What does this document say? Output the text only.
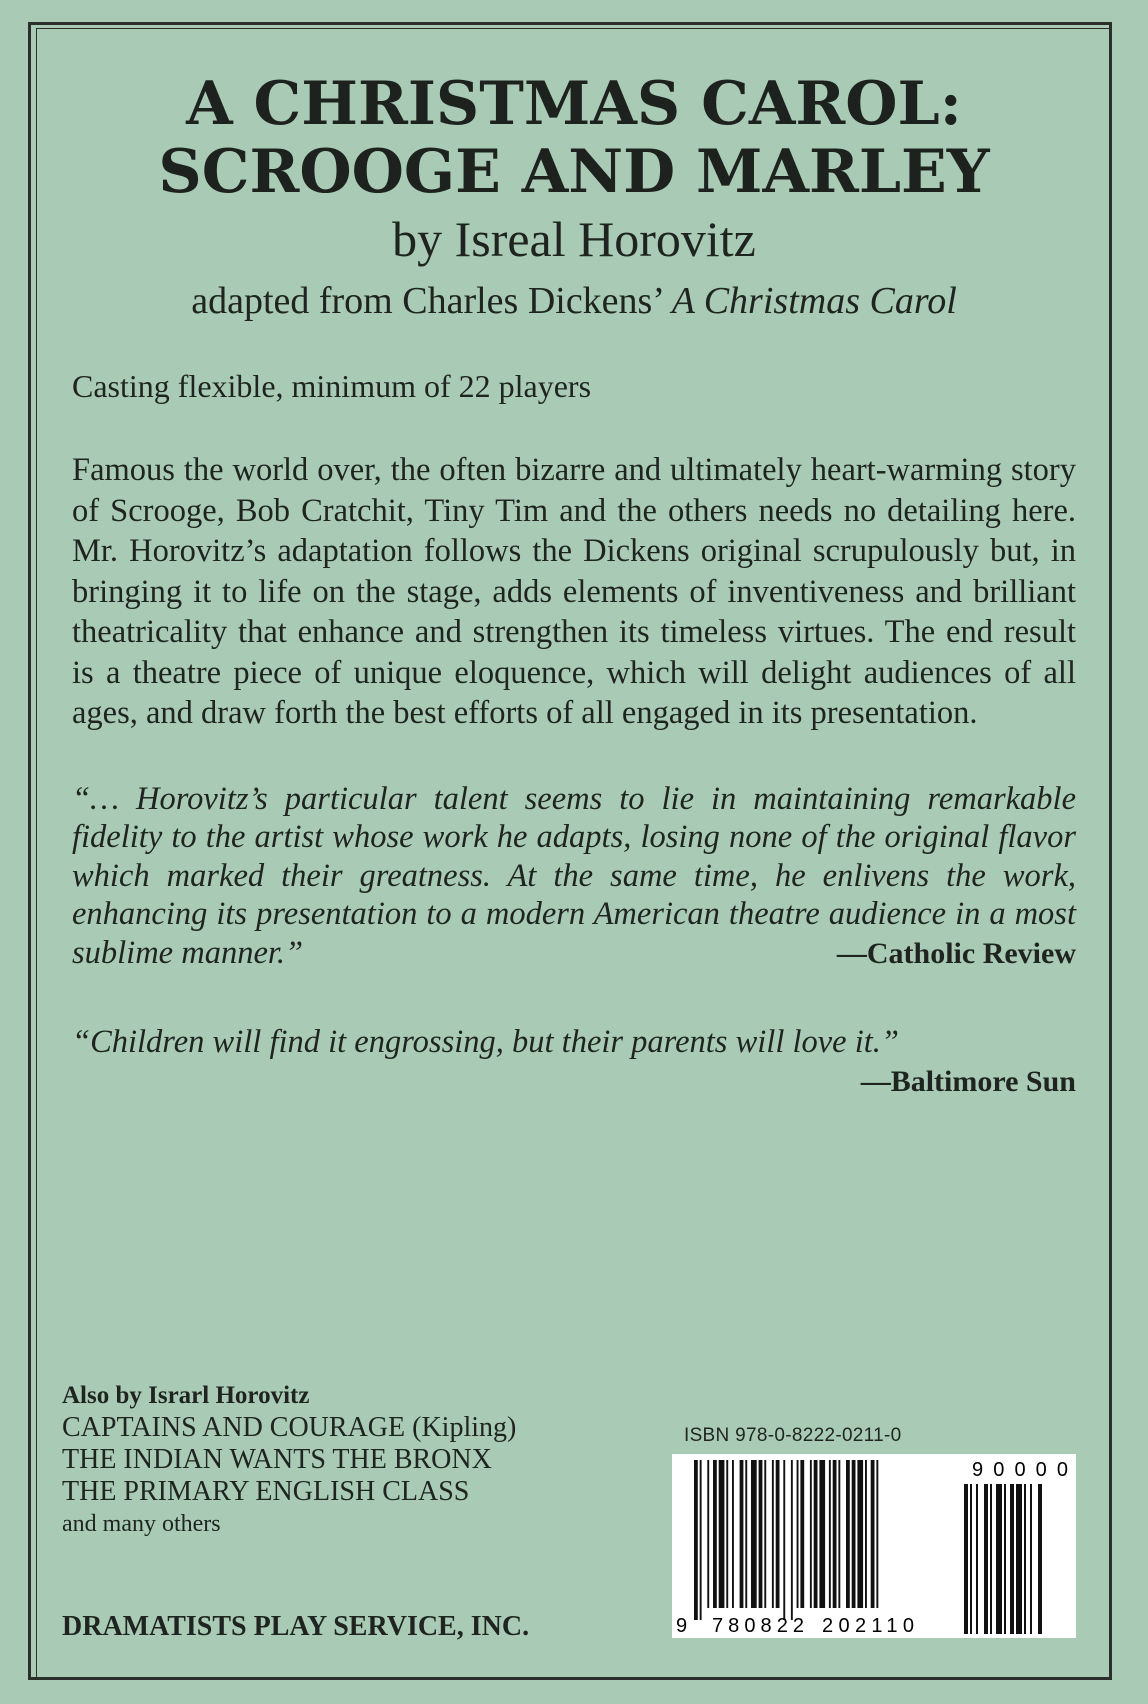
A CHRISTMAS CAROL:
SCROOGE AND MARLEY
by Isreal Horovitz
adapted from Charles Dickens’ A Christmas Carol
Casting flexible, minimum of 22 players
Famous the world over, the often bizarre and ultimately heart-warming story of Scrooge, Bob Cratchit, Tiny Tim and the others needs no detailing here. Mr. Horovitz’s adaptation follows the Dickens original scrupulously but, in bringing it to life on the stage, adds elements of inventiveness and brilliant theatricality that enhance and strengthen its timeless virtues. The end result is a theatre piece of unique eloquence, which will delight audiences of all ages, and draw forth the best efforts of all engaged in its presentation.
“… Horovitz’s particular talent seems to lie in maintaining remarkable fidelity to the artist whose work he adapts, losing none of the original flavor which marked their greatness. At the same time, he enlivens the work, enhancing its presentation to a modern American theatre audience in a most sublime manner.”	—Catholic Review
“Children will find it engrossing, but their parents will love it.”
—Baltimore Sun
Also by Israrl Horovitz
CAPTAINS AND COURAGE (Kipling)
THE INDIAN WANTS THE BRONX
THE PRIMARY ENGLISH CLASS
and many others
DRAMATISTS PLAY SERVICE, INC.
ISBN 978-0-8222-0211-0
9 780822 202110
90000
